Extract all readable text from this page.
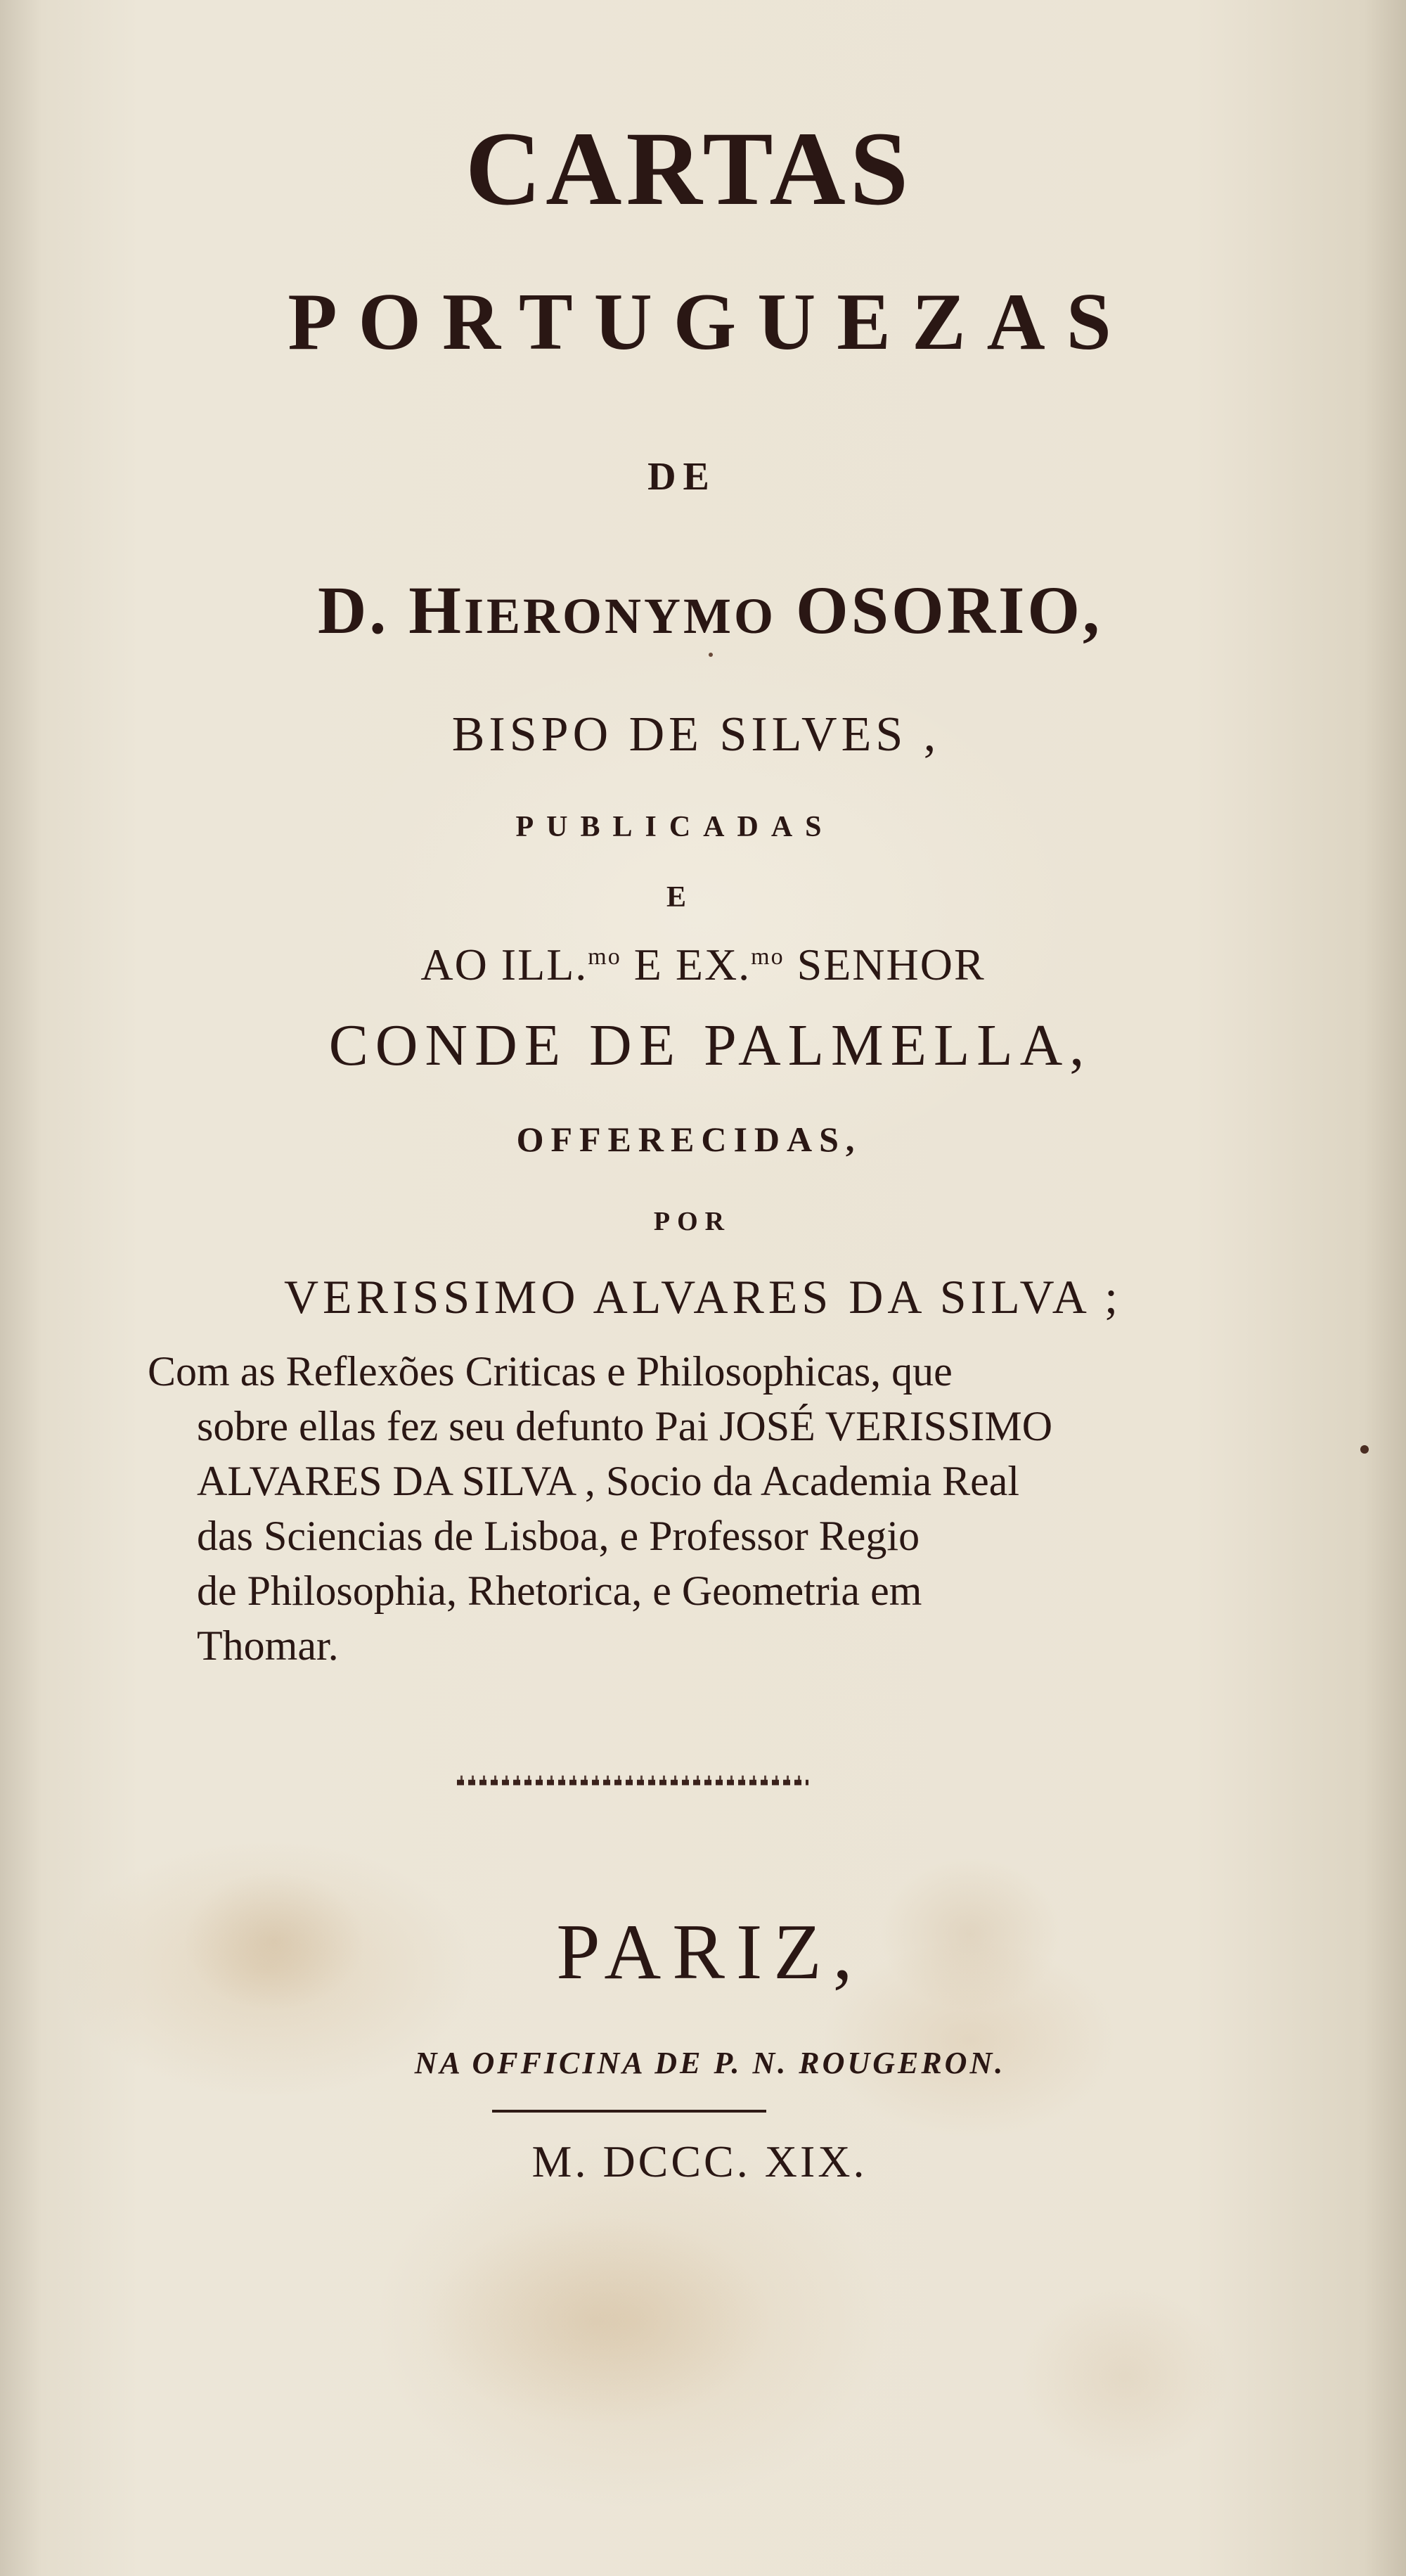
CARTAS
PORTUGUEZAS
DE
D. HIERONYMO OSORIO,
BISPO DE SILVES ,
PUBLICADAS
E
AO ILL.$^{mo}$ E EX.$^{mo}$ SENHOR
CONDE DE PALMELLA,
OFFERECIDAS,
POR
VERISSIMO ALVARES DA SILVA ;
Com as Reflexões Criticas e Philosophicas, que
sobre ellas fez seu defunto Pai JOSÉ VERISSIMO
ALVARES DA SILVA , Socio da Academia Real
das Sciencias de Lisboa, e Professor Regio
de Philosophia, Rhetorica, e Geometria em
Thomar.
PARIZ,
NA OFFICINA DE P. N. ROUGERON.
M. DCCC. XIX.
